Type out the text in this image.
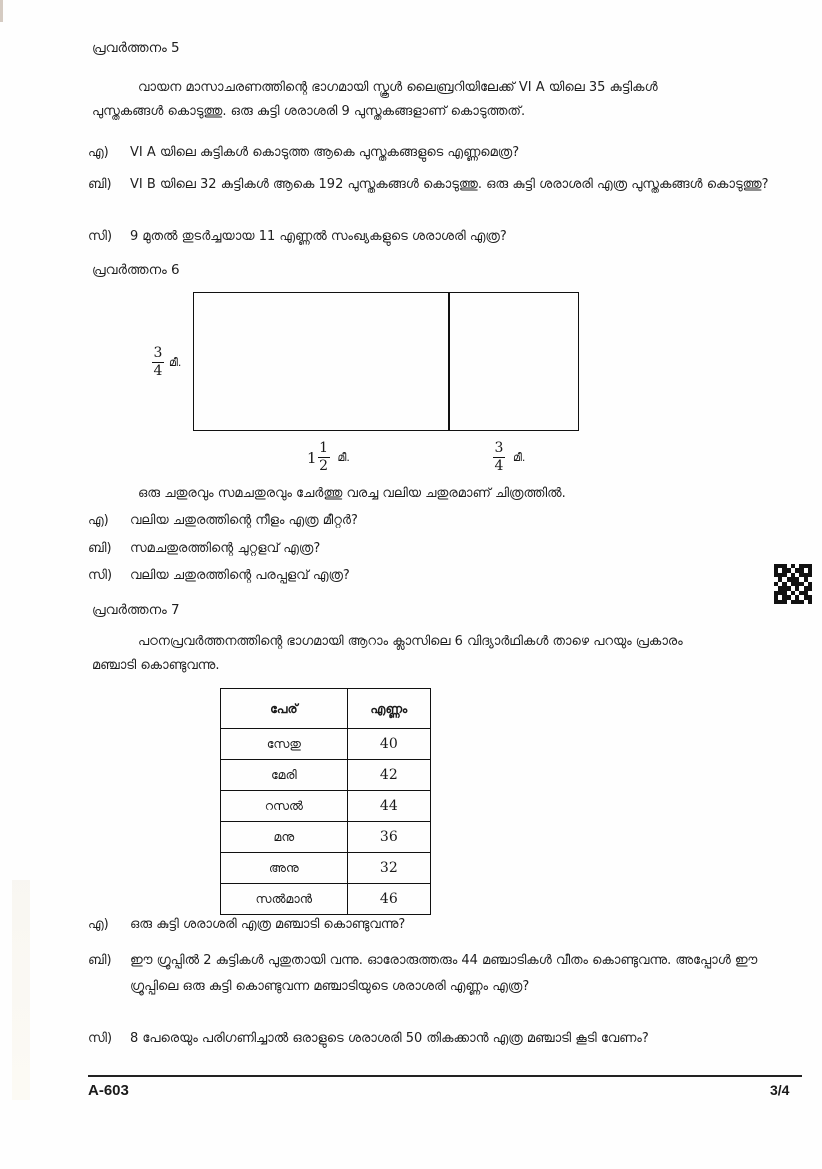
പ്രവർത്തനം 5
വായന മാസാചരണത്തിന്റെ ഭാഗമായി സ്കൂൾ ലൈബ്രറിയിലേക്ക് VI A യിലെ 35 കുട്ടികൾ
പുസ്തകങ്ങൾ കൊടുത്തു. ഒരു കുട്ടി ശരാശരി 9 പുസ്തകങ്ങളാണ് കൊടുത്തത്.
എ)	VI A യിലെ കുട്ടികൾ കൊടുത്ത ആകെ പുസ്തകങ്ങളുടെ എണ്ണമെത്ര?
ബി)	VI B യിലെ 32 കുട്ടികൾ ആകെ 192 പുസ്തകങ്ങൾ കൊടുത്തു. ഒരു കുട്ടി ശരാശരി എത്ര പുസ്തകങ്ങൾ കൊടുത്തു?
സി)	9 മുതൽ തുടർച്ചയായ 11 എണ്ണൽ സംഖ്യകളുടെ ശരാശരി എത്ര?
പ്രവർത്തനം 6
3
4
മീ.
1
1
2
മീ.
3
4
മീ.
ഒരു ചതുരവും സമചതുരവും ചേർത്തു വരച്ച വലിയ ചതുരമാണ് ചിത്രത്തിൽ.
എ)	വലിയ ചതുരത്തിന്റെ നീളം എത്ര മീറ്റർ?
ബി)	സമചതുരത്തിന്റെ ചുറ്റളവ് എത്ര?
സി)	വലിയ ചതുരത്തിന്റെ പരപ്പളവ് എത്ര?
പ്രവർത്തനം 7
പഠനപ്രവർത്തനത്തിന്റെ ഭാഗമായി ആറാം ക്ലാസിലെ 6 വിദ്യാർഥികൾ താഴെ പറയും പ്രകാരം
മഞ്ചാടി കൊണ്ടുവന്നു.
പേര്	എണ്ണം
സേതു	40
മേരി	42
റസൽ	44
മനു	36
അനു	32
സൽമാൻ	46
എ)	ഒരു കുട്ടി ശരാശരി എത്ര മഞ്ചാടി കൊണ്ടുവന്നു?
ബി)	ഈ ഗ്രൂപ്പിൽ 2 കുട്ടികൾ പുതുതായി വന്നു. ഓരോരുത്തരും 44 മഞ്ചാടികൾ വീതം കൊണ്ടുവന്നു. അപ്പോൾ ഈ ഗ്രൂപ്പിലെ ഒരു കുട്ടി കൊണ്ടുവന്ന മഞ്ചാടിയുടെ ശരാശരി എണ്ണം എത്ര?
സി)	8 പേരെയും പരിഗണിച്ചാൽ ഒരാളുടെ ശരാശരി 50 തികക്കാൻ എത്ര മഞ്ചാടി കൂടി വേണം?
A-603	3/4
